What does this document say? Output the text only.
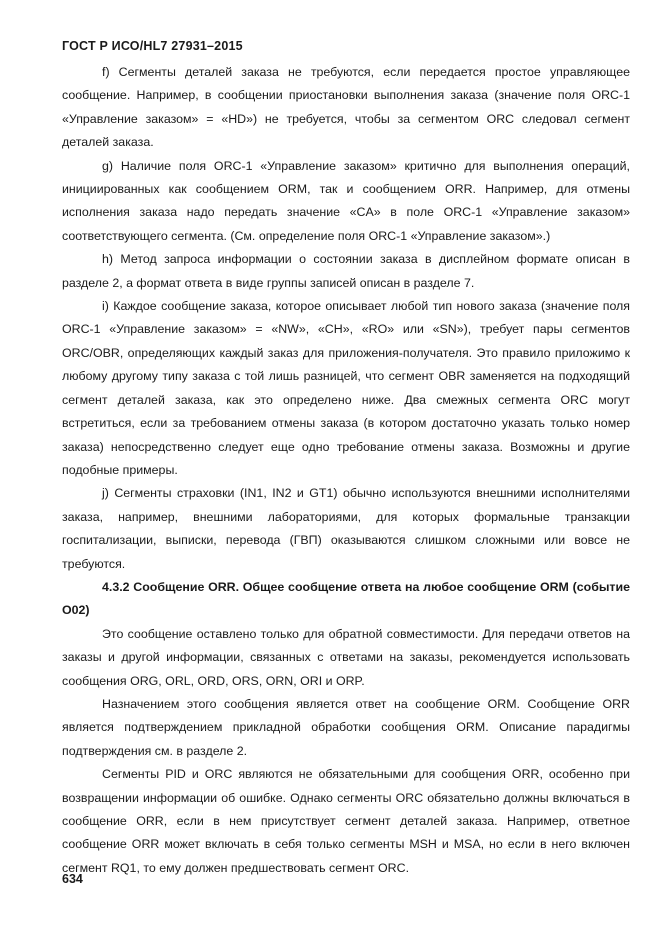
ГОСТ Р ИСО/HL7 27931–2015

f) Сегменты деталей заказа не требуются, если передается простое управляющее сообщение. Например, в сообщении приостановки выполнения заказа (значение поля ORC-1 «Управление заказом» = «HD») не требуется, чтобы за сегментом ORC следовал сегмент деталей заказа.

g) Наличие поля ORC-1 «Управление заказом» критично для выполнения операций, инициированных как сообщением ORM, так и сообщением ORR. Например, для отмены исполнения заказа надо передать значение «CA» в поле ORC-1 «Управление заказом» соответствующего сегмента. (См. определение поля ORC-1 «Управление заказом».)

h) Метод запроса информации о состоянии заказа в дисплейном формате описан в разделе 2, а формат ответа в виде группы записей описан в разделе 7.

i) Каждое сообщение заказа, которое описывает любой тип нового заказа (значение поля ORC-1 «Управление заказом» = «NW», «CH», «RO» или «SN»), требует пары сегментов ORC/OBR, определяющих каждый заказ для приложения-получателя. Это правило приложимо к любому другому типу заказа с той лишь разницей, что сегмент OBR заменяется на подходящий сегмент деталей заказа, как это определено ниже. Два смежных сегмента ORC могут встретиться, если за требованием отмены заказа (в котором достаточно указать только номер заказа) непосредственно следует еще одно требование отмены заказа. Возможны и другие подобные примеры.

j) Сегменты страховки (IN1, IN2 и GT1) обычно используются внешними исполнителями заказа, например, внешними лабораториями, для которых формальные транзакции госпитализации, выписки, перевода (ГВП) оказываются слишком сложными или вовсе не требуются.

4.3.2 Сообщение ORR. Общее сообщение ответа на любое сообщение ORM (событие O02)

Это сообщение оставлено только для обратной совместимости. Для передачи ответов на заказы и другой информации, связанных с ответами на заказы, рекомендуется использовать сообщения ORG, ORL, ORD, ORS, ORN, ORI и ORP.

Назначением этого сообщения является ответ на сообщение ORM. Сообщение ORR является подтверждением прикладной обработки сообщения ORM. Описание парадигмы подтверждения см. в разделе 2.

Сегменты PID и ORC являются не обязательными для сообщения ORR, особенно при возвращении информации об ошибке. Однако сегменты ORC обязательно должны включаться в сообщение ORR, если в нем присутствует сегмент деталей заказа. Например, ответное сообщение ORR может включать в себя только сегменты MSH и MSA, но если в него включен сегмент RQ1, то ему должен предшествовать сегмент ORC.

634
